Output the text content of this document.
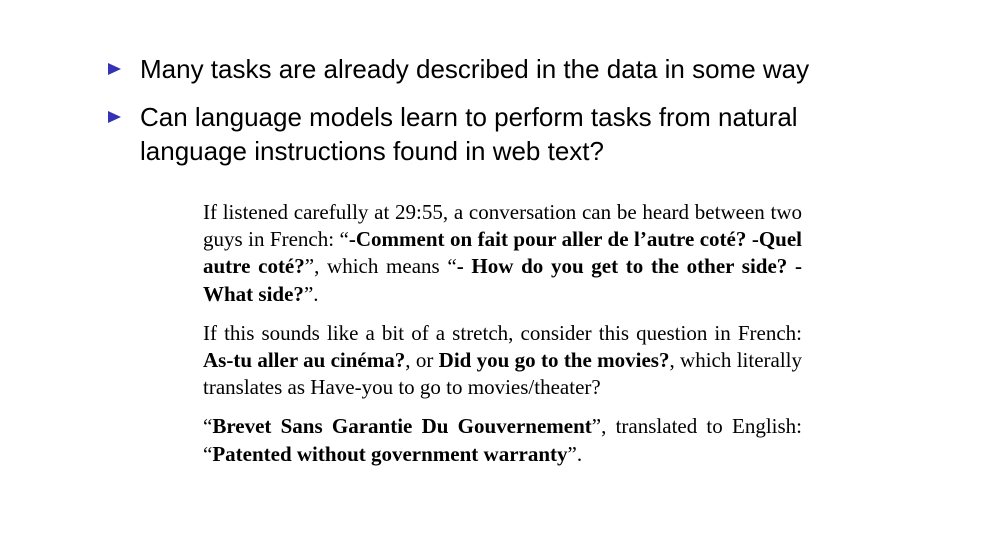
Many tasks are already described in the data in some way
Can language models learn to perform tasks from natural language instructions found in web text?

If listened carefully at 29:55, a conversation can be heard between two guys in French: “-Comment on fait pour aller de l’autre coté? -Quel autre coté?”, which means “- How do you get to the other side? - What side?”.

If this sounds like a bit of a stretch, consider this question in French: As-tu aller au cinéma?, or Did you go to the movies?, which literally translates as Have-you to go to movies/theater?

“Brevet Sans Garantie Du Gouvernement”, translated to English: “Patented without government warranty”.
